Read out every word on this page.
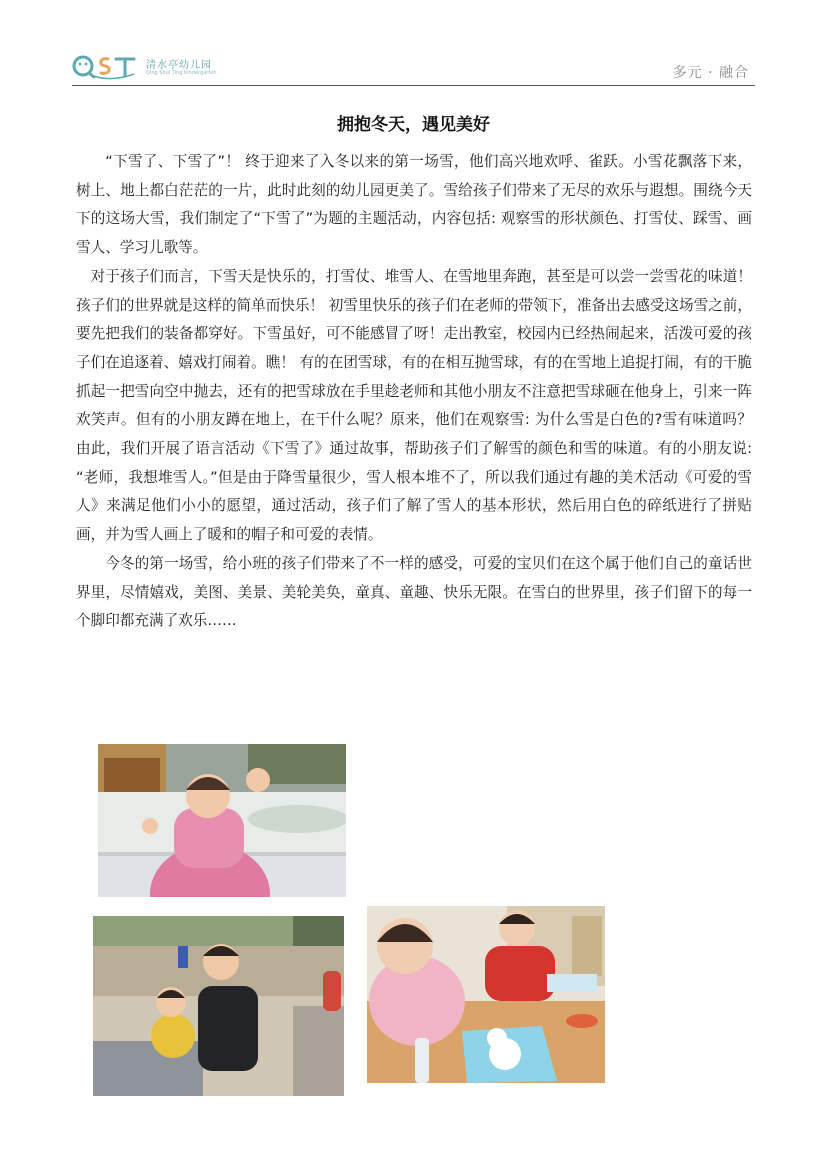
清水亭幼儿园
Qing Shui Ting Kindergarten	多元 · 融合
拥抱冬天，遇见美好

“下雪了、下雪了”！ 终于迎来了入冬以来的第一场雪，他们高兴地欢呼、雀跃。小雪花飘落下来，树上、地上都白茫茫的一片，此时此刻的幼儿园更美了。雪给孩子们带来了无尽的欢乐与遐想。围绕今天下的这场大雪，我们制定了“下雪了”为题的主题活动，内容包括: 观察雪的形状颜色、打雪仗、踩雪、画雪人、学习儿歌等。

对于孩子们而言，下雪天是快乐的，打雪仗、堆雪人、在雪地里奔跑，甚至是可以尝一尝雪花的味道！ 孩子们的世界就是这样的简单而快乐！ 初雪里快乐的孩子们在老师的带领下，准备出去感受这场雪之前，要先把我们的装备都穿好。下雪虽好，可不能感冒了呀！走出教室，校园内已经热闹起来，活泼可爱的孩子们在追逐着、嬉戏打闹着。瞧！ 有的在团雪球，有的在相互抛雪球，有的在雪地上追捉打闹，有的干脆抓起一把雪向空中抛去，还有的把雪球放在手里趁老师和其他小朋友不注意把雪球砸在他身上，引来一阵欢笑声。但有的小朋友蹲在地上，在干什么呢？原来，他们在观察雪: 为什么雪是白色的?雪有味道吗？ 由此，我们开展了语言活动《下雪了》通过故事，帮助孩子们了解雪的颜色和雪的味道。有的小朋友说: “老师，我想堆雪人。”但是由于降雪量很少，雪人根本堆不了，所以我们通过有趣的美术活动《可爱的雪人》来满足他们小小的愿望，通过活动，孩子们了解了雪人的基本形状，然后用白色的碎纸进行了拼贴画，并为雪人画上了暖和的帽子和可爱的表情。

今冬的第一场雪，给小班的孩子们带来了不一样的感受，可爱的宝贝们在这个属于他们自己的童话世界里，尽情嬉戏，美图、美景、美轮美奂，童真、童趣、快乐无限。在雪白的世界里，孩子们留下的每一个脚印都充满了欢乐……
